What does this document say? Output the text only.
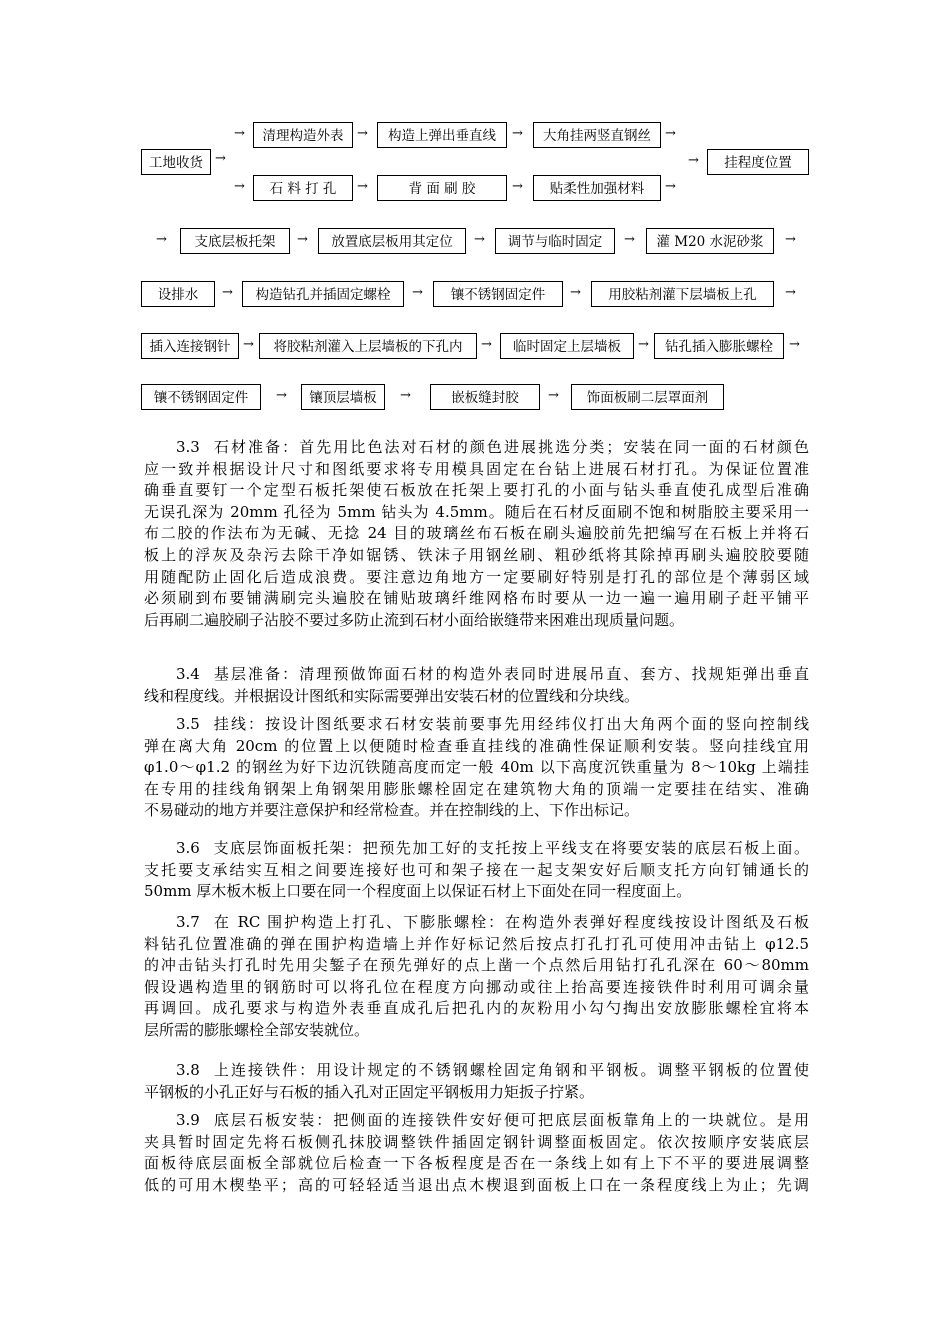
工地收货 →
→	清理构造外表	→	构造上弹出垂直线	→	大角挂两竖直钢丝	→
→	石 料 打 孔	→	背 面 刷 胶	→	贴柔性加强材料	→
→	挂程度位置
→	支底层板托架	→	放置底层板用其定位	→	调节与临时固定	→	灌 M20 水泥砂浆	→
设排水	→	构造钻孔并插固定螺栓	→	镶不锈钢固定件	→	用胶粘剂灌下层墙板上孔	→
插入连接钢针 →	将胶粘剂灌入上层墙板的下孔内	→	临时固定上层墙板	→	钻孔插入膨胀螺栓	→
镶不锈钢固定件	→	镶顶层墙板	→	嵌板缝封胶	→	饰面板刷二层罩面剂
3.3 石材准备：首先用比色法对石材的颜色进展挑选分类；安装在同一面的石材颜色
应一致并根据设计尺寸和图纸要求将专用模具固定在台钻上进展石材打孔。为保证位置准
确垂直要钉一个定型石板托架使石板放在托架上要打孔的小面与钻头垂直使孔成型后准确
无误孔深为 20mm 孔径为 5mm 钻头为 4.5mm。随后在石材反面刷不饱和树脂胶主要采用一
布二胶的作法布为无碱、无捻 24 目的玻璃丝布石板在刷头遍胶前先把编写在石板上并将石
板上的浮灰及杂污去除干净如锯锈、铁沫子用钢丝刷、粗砂纸将其除掉再刷头遍胶胶要随
用随配防止固化后造成浪费。要注意边角地方一定要刷好特别是打孔的部位是个薄弱区域
必须刷到布要铺满刷完头遍胶在铺贴玻璃纤维网格布时要从一边一遍一遍用刷子赶平铺平
后再刷二遍胶刷子沾胶不要过多防止流到石材小面给嵌缝带来困难出现质量问题。
3.4 基层准备：清理预做饰面石材的构造外表同时进展吊直、套方、找规矩弹出垂直
线和程度线。并根据设计图纸和实际需要弹出安装石材的位置线和分块线。
3.5 挂线：按设计图纸要求石材安装前要事先用经纬仪打出大角两个面的竖向控制线
弹在离大角 20cm 的位置上以便随时检查垂直挂线的准确性保证顺利安装。竖向挂线宜用
φ1.0～φ1.2 的钢丝为好下边沉铁随高度而定一般 40m 以下高度沉铁重量为 8～10kg 上端挂
在专用的挂线角钢架上角钢架用膨胀螺栓固定在建筑物大角的顶端一定要挂在结实、准确
不易碰动的地方并要注意保护和经常检查。并在控制线的上、下作出标记。
3.6 支底层饰面板托架：把预先加工好的支托按上平线支在将要安装的底层石板上面。
支托要支承结实互相之间要连接好也可和架子接在一起支架安好后顺支托方向钉铺通长的
50mm 厚木板木板上口要在同一个程度面上以保证石材上下面处在同一程度面上。
3.7 在 RC 围护构造上打孔、下膨胀螺栓：在构造外表弹好程度线按设计图纸及石板
料钻孔位置准确的弹在围护构造墙上并作好标记然后按点打孔打孔可使用冲击钻上 φ12.5
的冲击钻头打孔时先用尖錾子在预先弹好的点上凿一个点然后用钻打孔孔深在 60～80mm
假设遇构造里的钢筋时可以将孔位在程度方向挪动或往上抬高要连接铁件时利用可调余量
再调回。成孔要求与构造外表垂直成孔后把孔内的灰粉用小勾勺掏出安放膨胀螺栓宜将本
层所需的膨胀螺栓全部安装就位。
3.8 上连接铁件：用设计规定的不锈钢螺栓固定角钢和平钢板。调整平钢板的位置使
平钢板的小孔正好与石板的插入孔对正固定平钢板用力矩扳子拧紧。
3.9 底层石板安装：把侧面的连接铁件安好便可把底层面板靠角上的一块就位。是用
夹具暂时固定先将石板侧孔抹胶调整铁件插固定钢针调整面板固定。依次按顺序安装底层
面板待底层面板全部就位后检查一下各板程度是否在一条线上如有上下不平的要进展调整
低的可用木楔垫平；高的可轻轻适当退出点木楔退到面板上口在一条程度线上为止；先调
